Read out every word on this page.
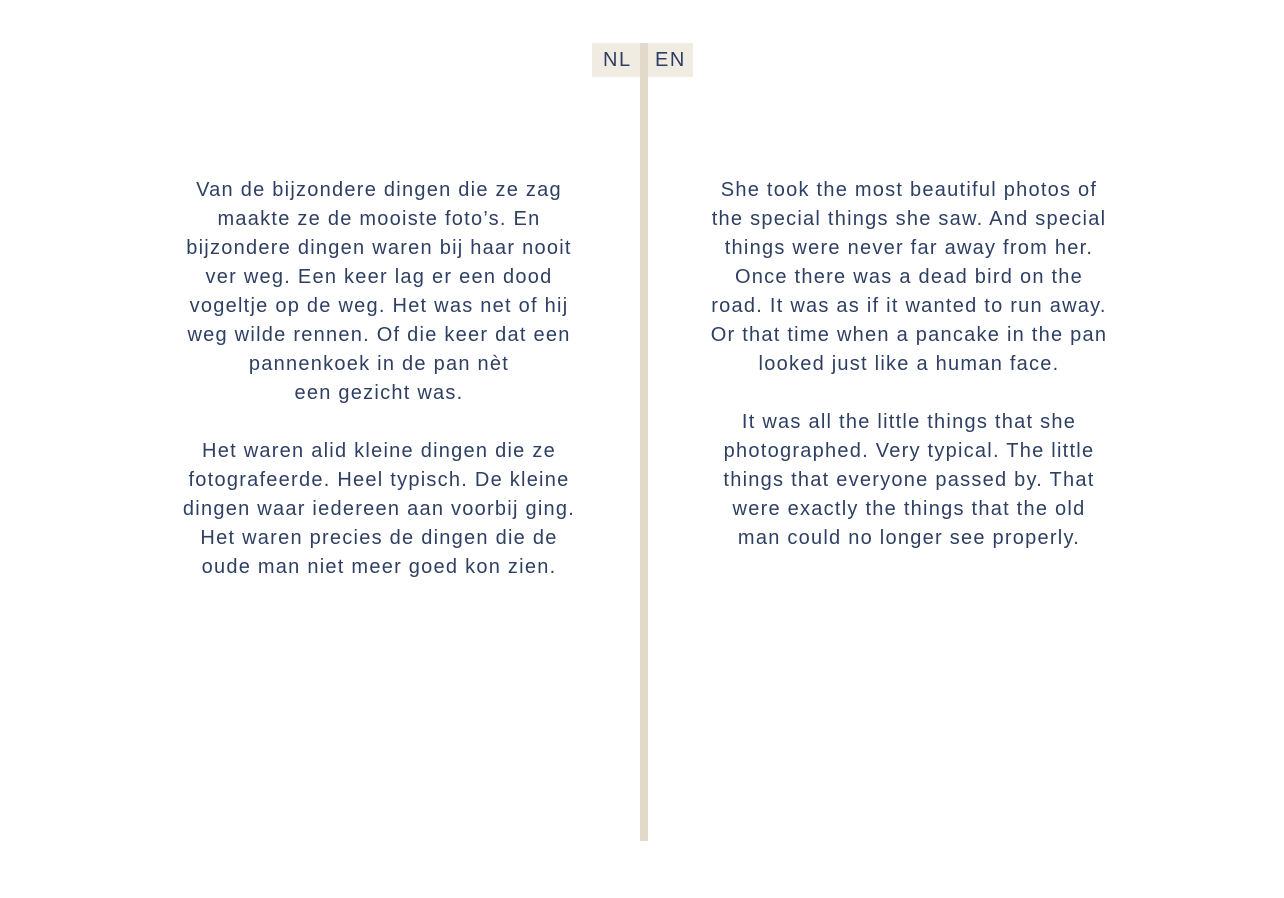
NL EN

Van de bijzondere dingen die ze zag
maakte ze de mooiste foto’s. En
bijzondere dingen waren bij haar nooit
ver weg. Een keer lag er een dood
vogeltje op de weg. Het was net of hij
weg wilde rennen. Of die keer dat een
pannenkoek in de pan nèt
een gezicht was.

Het waren alid kleine dingen die ze
fotografeerde. Heel typisch. De kleine
dingen waar iedereen aan voorbij ging.
Het waren precies de dingen die de
oude man niet meer goed kon zien.

She took the most beautiful photos of
the special things she saw. And special
things were never far away from her.
Once there was a dead bird on the
road. It was as if it wanted to run away.
Or that time when a pancake in the pan
looked just like a human face.

It was all the little things that she
photographed. Very typical. The little
things that everyone passed by. That
were exactly the things that the old
man could no longer see properly.
